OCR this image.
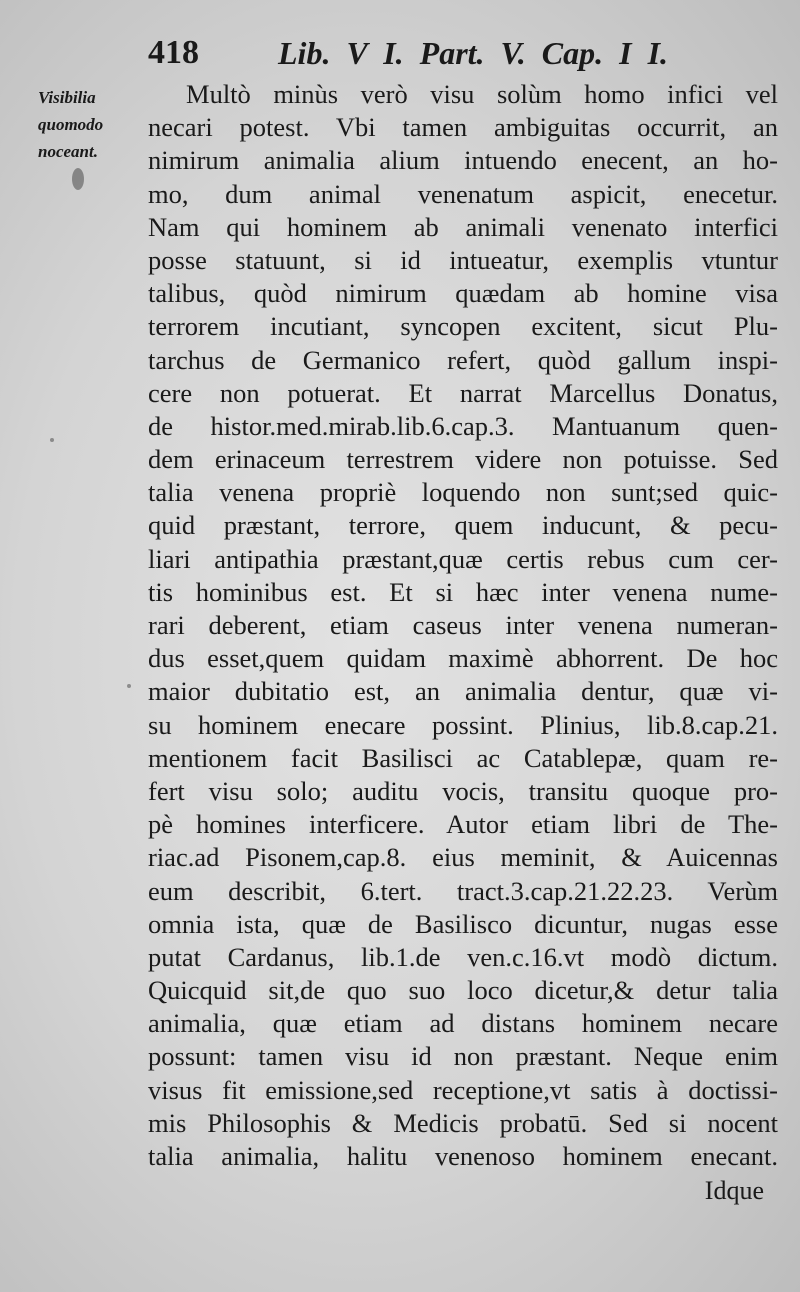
418 Lib. V I. Part. V. Cap. I I.
Visibilia
quomodo
noceant.
Multò minùs verò visu solùm homo infici vel
necari potest. Vbi tamen ambiguitas occurrit, an
nimirum animalia alium intuendo enecent, an ho-
mo, dum animal venenatum aspicit, enecetur.
Nam qui hominem ab animali venenato interfici
posse statuunt, si id intueatur, exemplis vtuntur
talibus, quòd nimirum quædam ab homine visa
terrorem incutiant, syncopen excitent, sicut Plu-
tarchus de Germanico refert, quòd gallum inspi-
cere non potuerat. Et narrat Marcellus Donatus,
de histor.med.mirab.lib.6.cap.3. Mantuanum quen-
dem erinaceum terrestrem videre non potuisse. Sed
talia venena propriè loquendo non sunt;sed quic-
quid præstant, terrore, quem inducunt, & pecu-
liari antipathia præstant,quæ certis rebus cum cer-
tis hominibus est. Et si hæc inter venena nume-
rari deberent, etiam caseus inter venena numeran-
dus esset,quem quidam maximè abhorrent. De hoc
maior dubitatio est, an animalia dentur, quæ vi-
su hominem enecare possint. Plinius, lib.8.cap.21.
mentionem facit Basilisci ac Catablepæ, quam re-
fert visu solo; auditu vocis, transitu quoque pro-
pè homines interficere. Autor etiam libri de The-
riac.ad Pisonem,cap.8. eius meminit, & Auicennas
eum describit, 6.tert. tract.3.cap.21.22.23. Verùm
omnia ista, quæ de Basilisco dicuntur, nugas esse
putat Cardanus, lib.1.de ven.c.16.vt modò dictum.
Quicquid sit,de quo suo loco dicetur,& detur talia
animalia, quæ etiam ad distans hominem necare
possunt: tamen visu id non præstant. Neque enim
visus fit emissione,sed receptione,vt satis à doctissi-
mis Philosophis & Medicis probatū. Sed si nocent
talia animalia, halitu venenoso hominem enecant.
Idque
